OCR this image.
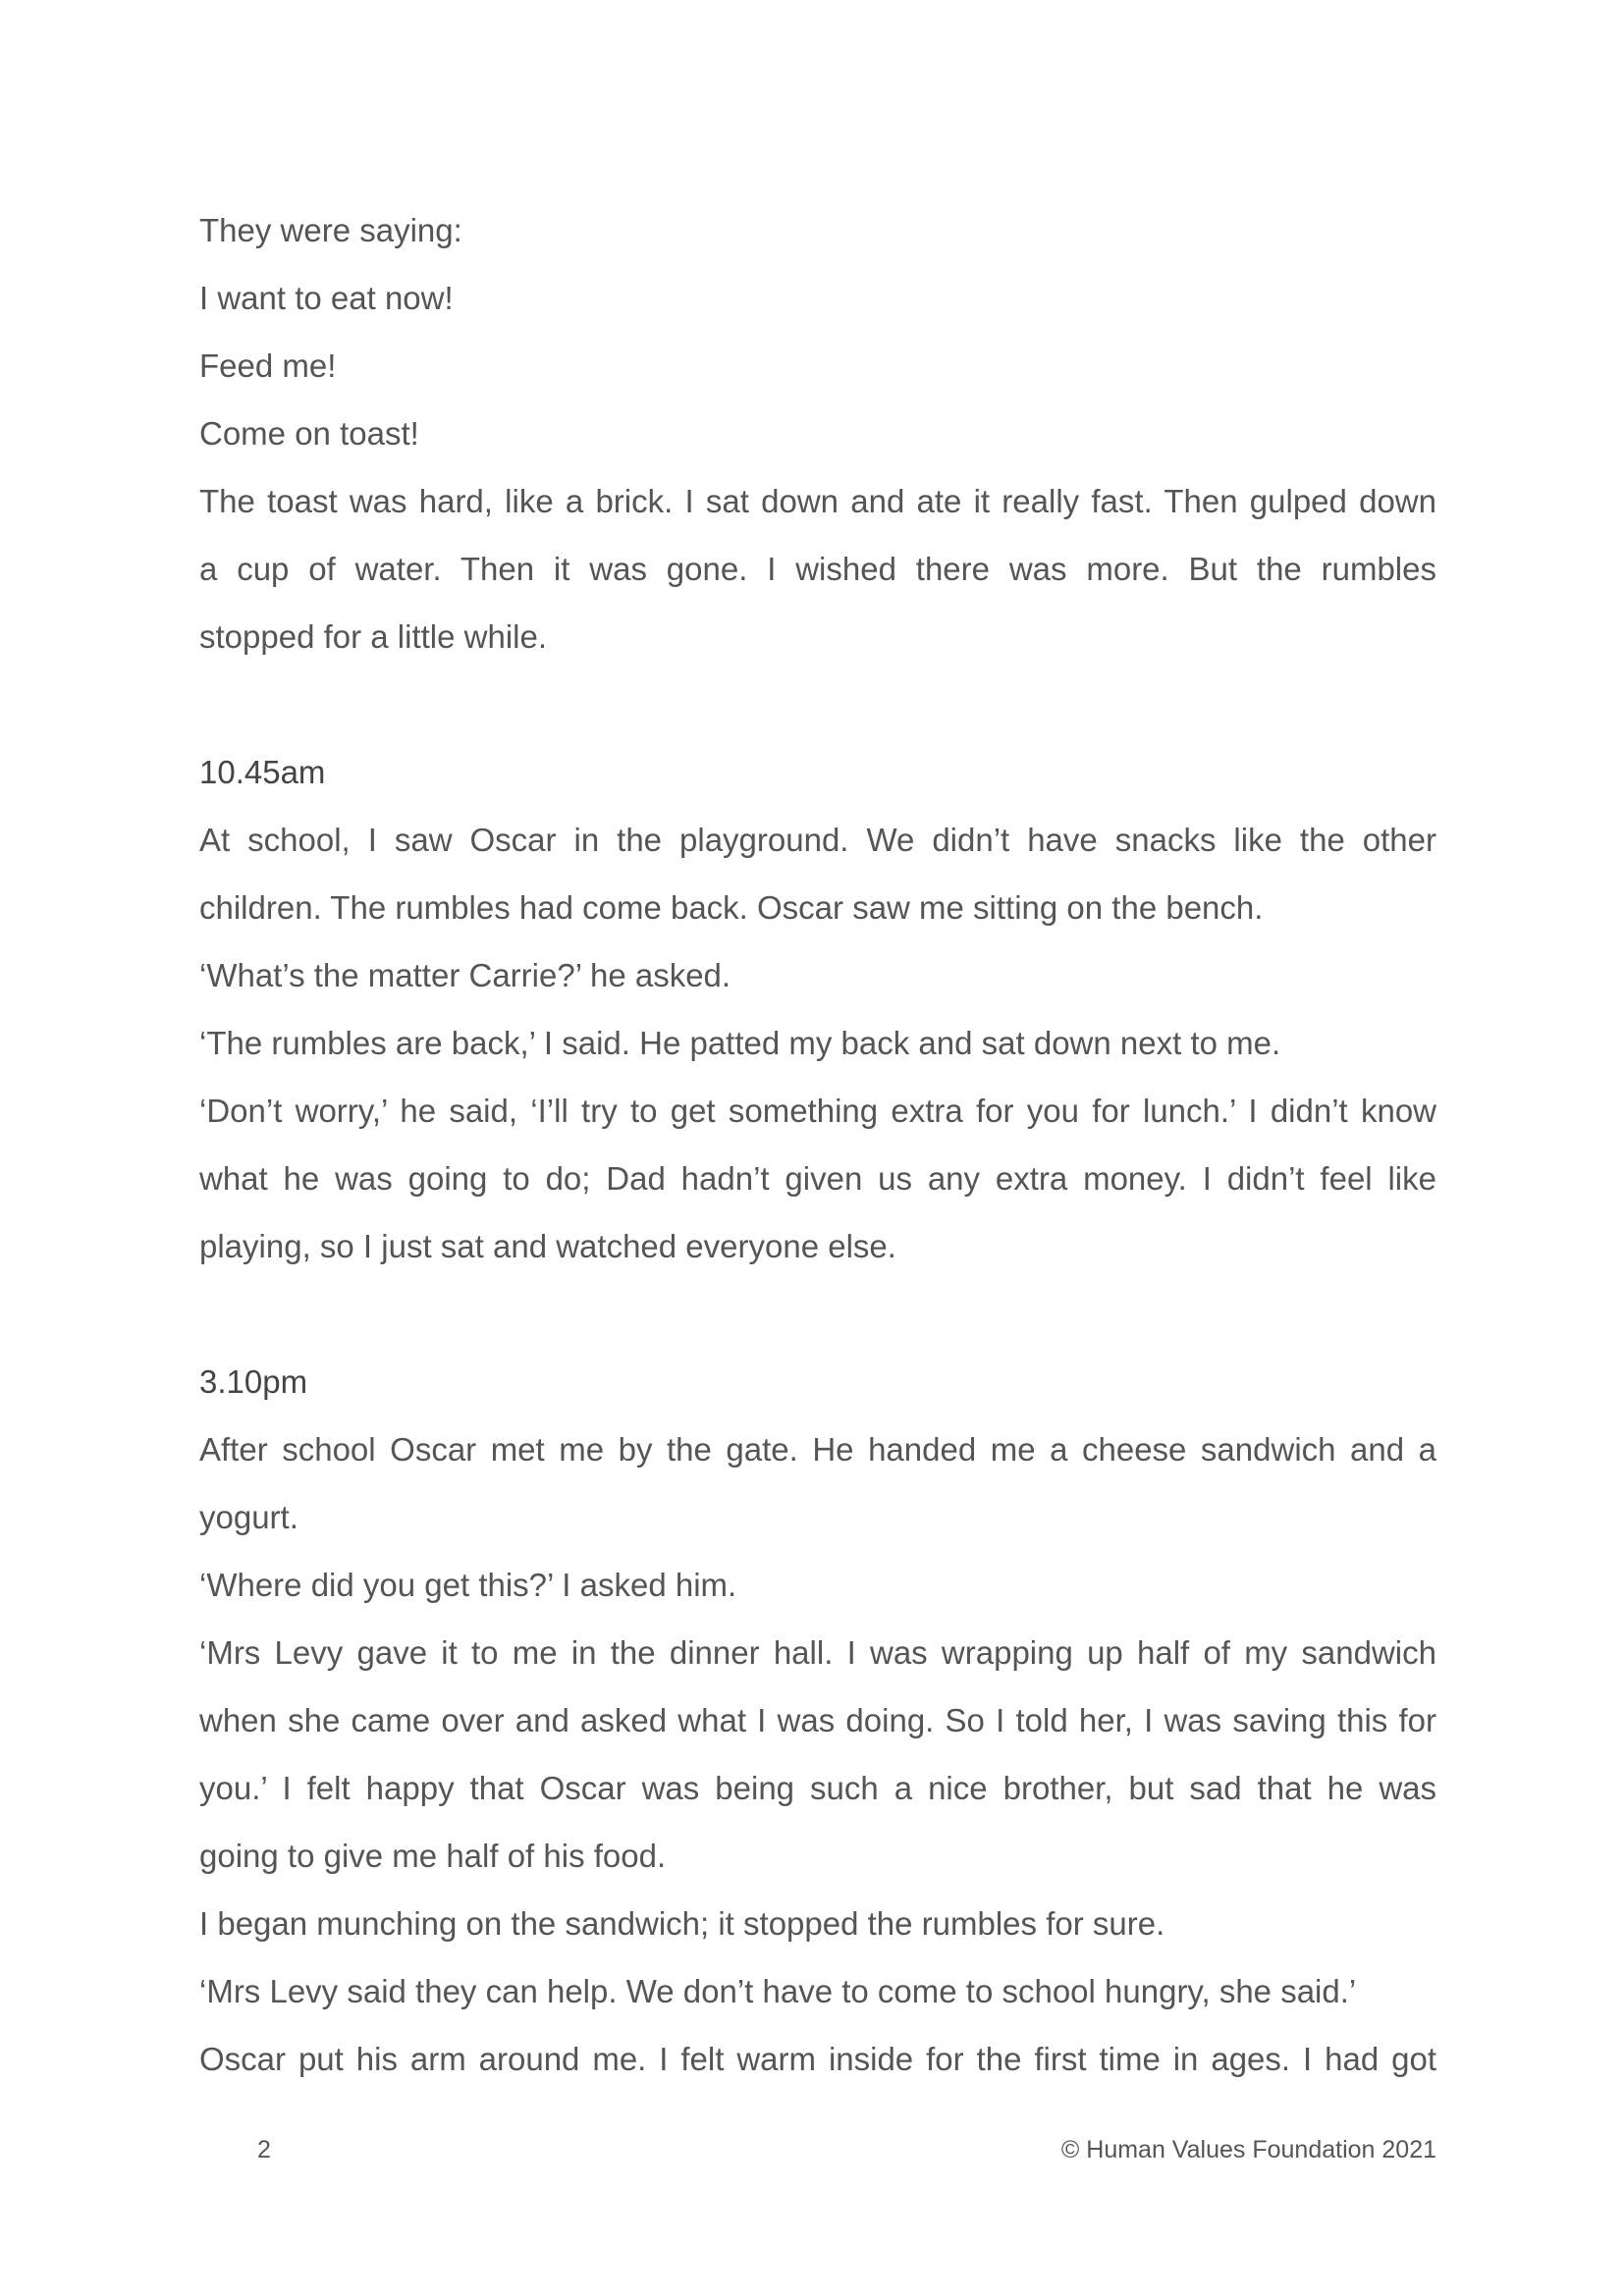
They were saying:
I want to eat now!
Feed me!
Come on toast!
The toast was hard, like a brick. I sat down and ate it really fast. Then gulped down
a cup of water. Then it was gone. I wished there was more. But the rumbles
stopped for a little while.
10.45am
At school, I saw Oscar in the playground. We didn’t have snacks like the other
children. The rumbles had come back. Oscar saw me sitting on the bench.
‘What’s the matter Carrie?’ he asked.
‘The rumbles are back,’ I said. He patted my back and sat down next to me.
‘Don’t worry,’ he said, ‘I’ll try to get something extra for you for lunch.’ I didn’t know
what he was going to do; Dad hadn’t given us any extra money. I didn’t feel like
playing, so I just sat and watched everyone else.
3.10pm
After school Oscar met me by the gate. He handed me a cheese sandwich and a
yogurt.
‘Where did you get this?’ I asked him.
‘Mrs Levy gave it to me in the dinner hall. I was wrapping up half of my sandwich
when she came over and asked what I was doing. So I told her, I was saving this for
you.’ I felt happy that Oscar was being such a nice brother, but sad that he was
going to give me half of his food.
I began munching on the sandwich; it stopped the rumbles for sure.
‘Mrs Levy said they can help. We don’t have to come to school hungry, she said.’
Oscar put his arm around me. I felt warm inside for the first time in ages. I had got
2	© Human Values Foundation 2021
